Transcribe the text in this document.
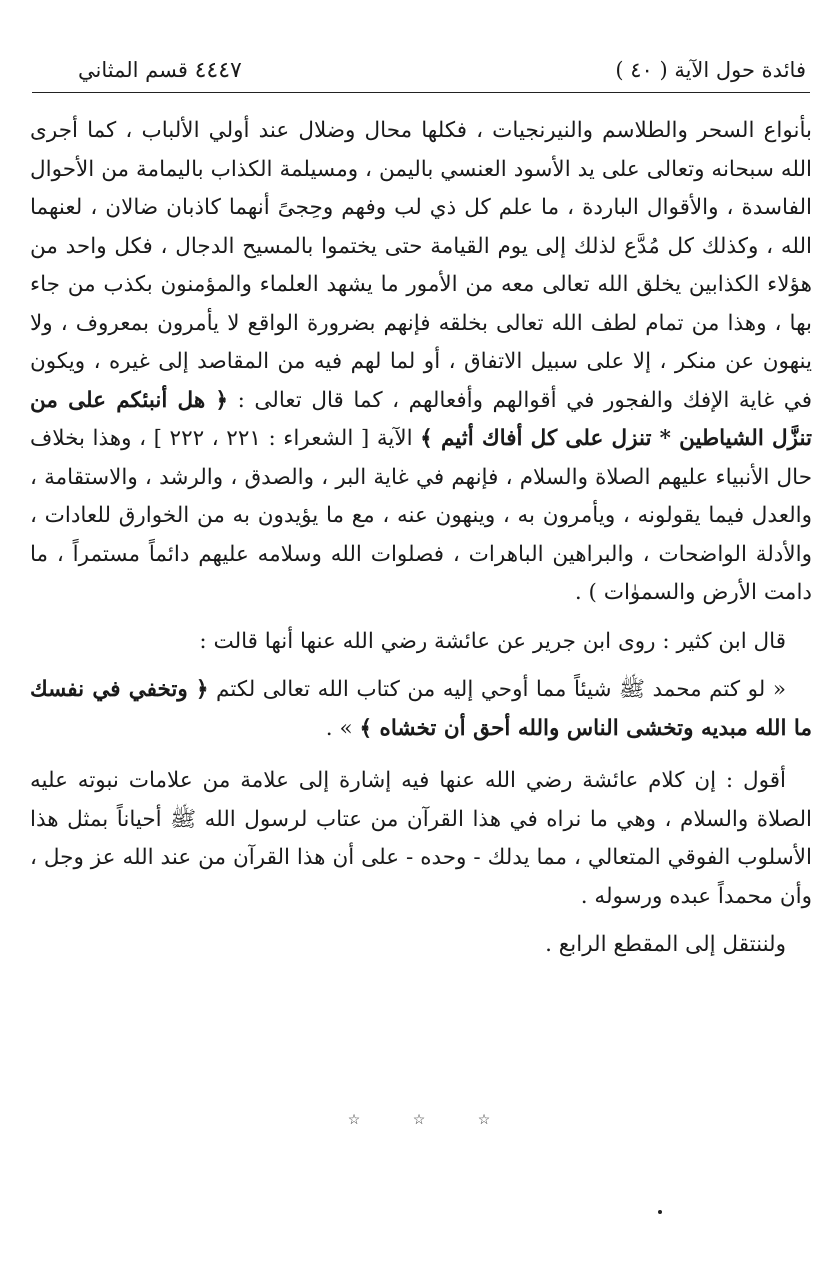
فائدة حول الآية ( ٤٠ )
٤٤٤٧ قسم المثاني

بأنواع السحر والطلاسم والنيرنجيات ، فكلها محال وضلال عند أولي الألباب ، كما أجرى الله سبحانه وتعالى على يد الأسود العنسي باليمن ، ومسيلمة الكذاب باليمامة من الأحوال الفاسدة ، والأقوال الباردة ، ما علم كل ذي لب وفهم وحِجىً أنهما كاذبان ضالان ، لعنهما الله ، وكذلك كل مُدَّع لذلك إلى يوم القيامة حتى يختموا بالمسيح الدجال ، فكل واحد من هؤلاء الكذابين يخلق الله تعالى معه من الأمور ما يشهد العلماء والمؤمنون بكذب من جاء بها ، وهذا من تمام لطف الله تعالى بخلقه فإنهم بضرورة الواقع لا يأمرون بمعروف ، ولا ينهون عن منكر ، إلا على سبيل الاتفاق ، أو لما لهم فيه من المقاصد إلى غيره ، ويكون في غاية الإفك والفجور في أقوالهم وأفعالهم ، كما قال تعالى : ﴿ هل أنبئكم على من تنزَّل الشياطين * تنزل على كل أفاك أثيم ﴾ الآية [ الشعراء : ٢٢١ ، ٢٢٢ ] ، وهذا بخلاف حال الأنبياء عليهم الصلاة والسلام ، فإنهم في غاية البر ، والصدق ، والرشد ، والاستقامة ، والعدل فيما يقولونه ، ويأمرون به ، وينهون عنه ، مع ما يؤيدون به من الخوارق للعادات ، والأدلة الواضحات ، والبراهين الباهرات ، فصلوات الله وسلامه عليهم دائماً مستمراً ، ما دامت الأرض والسموٰات ) .

قال ابن كثير : روى ابن جرير عن عائشة رضي الله عنها أنها قالت :

« لو كتم محمد ﷺ شيئاً مما أوحي إليه من كتاب الله تعالى لكتم ﴿ وتخفي في نفسك ما الله مبديه وتخشى الناس والله أحق أن تخشاه ﴾ » .

أقول : إن كلام عائشة رضي الله عنها فيه إشارة إلى علامة من علامات نبوته عليه الصلاة والسلام ، وهي ما نراه في هذا القرآن من عتاب لرسول الله ﷺ أحياناً بمثل هذا الأسلوب الفوقي المتعالي ، مما يدلك - وحده - على أن هذا القرآن من عند الله عز وجل ، وأن محمداً عبده ورسوله .

ولننتقل إلى المقطع الرابع .

☆ ☆ ☆
